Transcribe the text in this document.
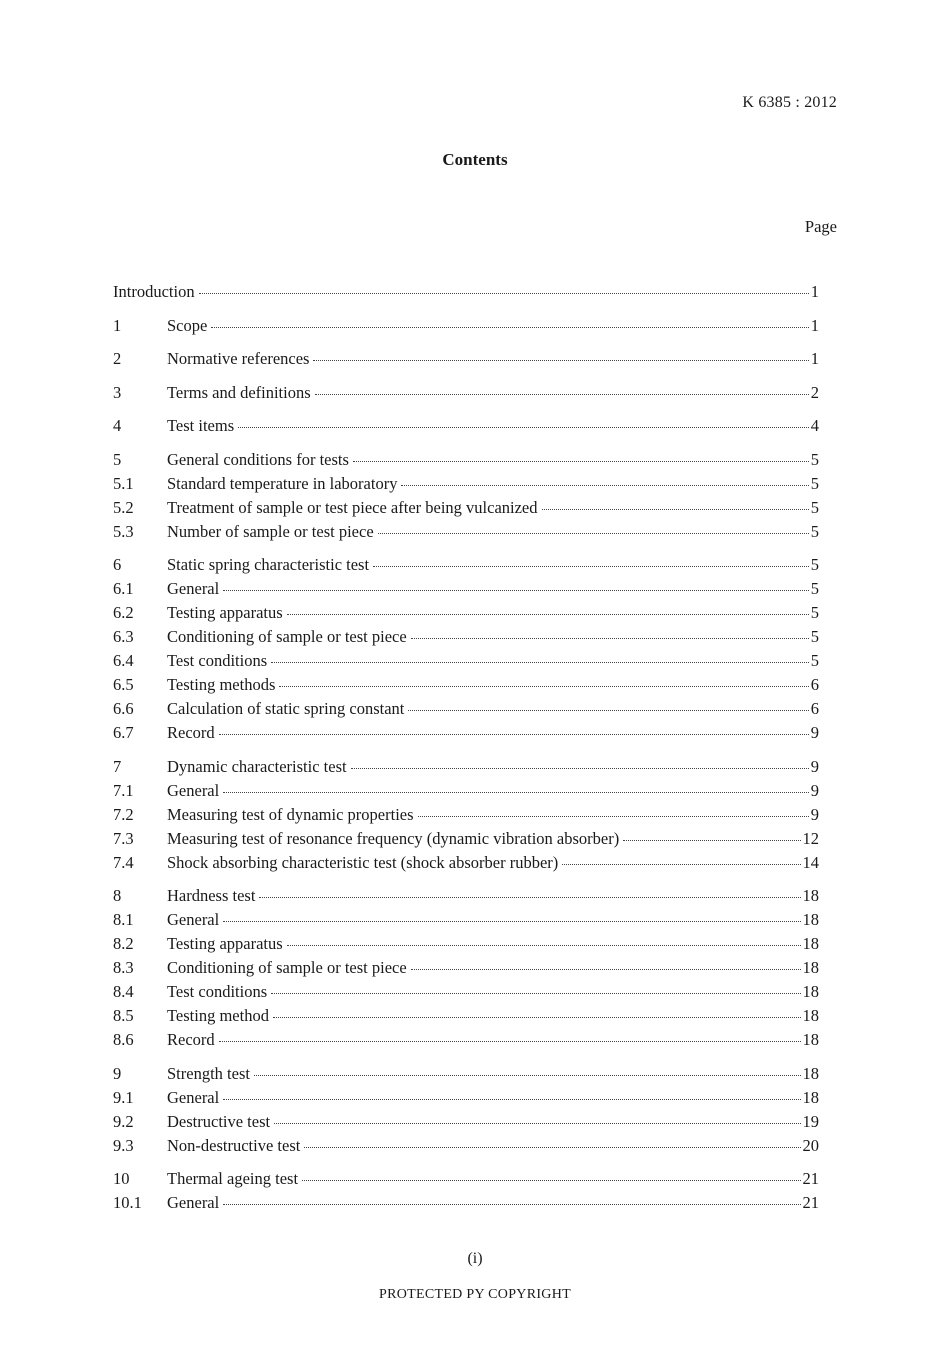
K 6385 : 2012
Contents
Page
Introduction	1
1	Scope	1
2	Normative references	1
3	Terms and definitions	2
4	Test items	4
5	General conditions for tests	5
5.1	Standard temperature in laboratory	5
5.2	Treatment of sample or test piece after being vulcanized	5
5.3	Number of sample or test piece	5
6	Static spring characteristic test	5
6.1	General	5
6.2	Testing apparatus	5
6.3	Conditioning of sample or test piece	5
6.4	Test conditions	5
6.5	Testing methods	6
6.6	Calculation of static spring constant	6
6.7	Record	9
7	Dynamic characteristic test	9
7.1	General	9
7.2	Measuring test of dynamic properties	9
7.3	Measuring test of resonance frequency (dynamic vibration absorber)	12
7.4	Shock absorbing characteristic test (shock absorber rubber)	14
8	Hardness test	18
8.1	General	18
8.2	Testing apparatus	18
8.3	Conditioning of sample or test piece	18
8.4	Test conditions	18
8.5	Testing method	18
8.6	Record	18
9	Strength test	18
9.1	General	18
9.2	Destructive test	19
9.3	Non-destructive test	20
10	Thermal ageing test	21
10.1	General	21
(i)
PROTECTED PY COPYRIGHT
